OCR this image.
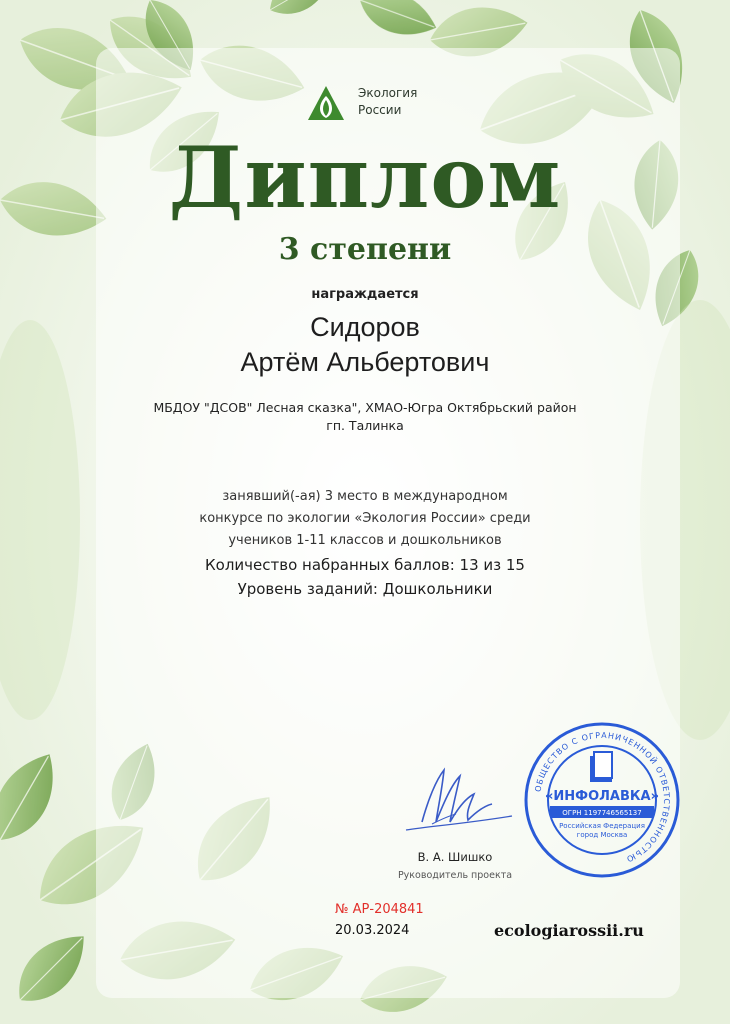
Экология
России
Диплом
3 степени
награждается
Сидоров
Артём Альбертович
МБДОУ "ДСОВ" Лесная сказка", ХМАО-Югра Октябрьский район гп. Талинка
занявший(-ая) 3 место в международном
конкурсе по экологии «Экология России» среди
учеников 1-11 классов и дошкольников
Количество набранных баллов: 13 из 15
Уровень заданий: Дошкольники
В. А. Шишко
Руководитель проекта
ОБЩЕСТВО С ОГРАНИЧЕННОЙ ОТВЕТСТВЕННОСТЬЮ
«ИНФОЛАВКА»
ОГРН 1197746565137
Российская Федерация
город Москва
№ АР-204841
20.03.2024	ecologiarossii.ru
